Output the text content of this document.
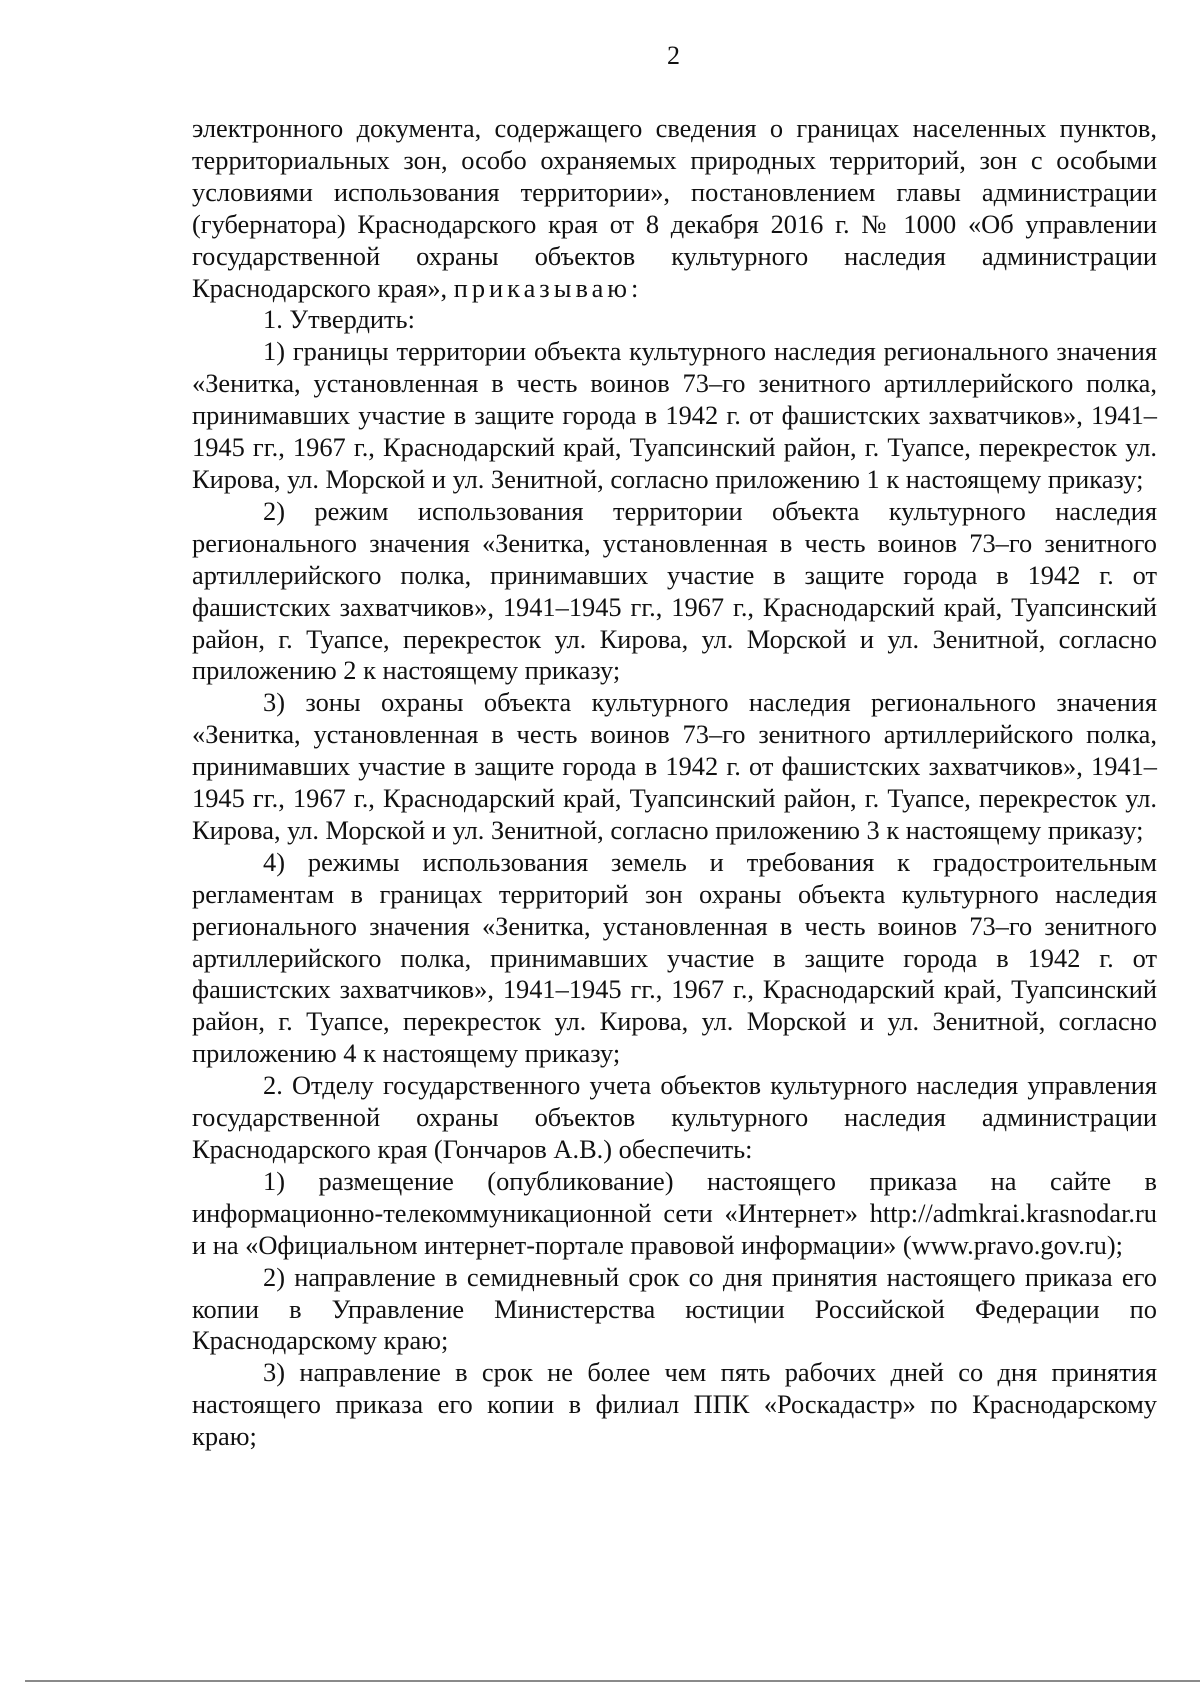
2

электронного документа, содержащего сведения о границах населенных пунктов, территориальных зон, особо охраняемых природных территорий, зон с особыми условиями использования территории», постановлением главы администрации (губернатора) Краснодарского края от 8 декабря 2016 г. № 1000 «Об управлении государственной охраны объектов культурного наследия администрации Краснодарского края», приказываю:

1. Утвердить:

1) границы территории объекта культурного наследия регионального значения «Зенитка, установленная в честь воинов 73–го зенитного артиллерийского полка, принимавших участие в защите города в 1942 г. от фашистских захватчиков», 1941–1945 гг., 1967 г., Краснодарский край, Туапсинский район, г. Туапсе, перекресток ул. Кирова, ул. Морской и ул. Зенитной, согласно приложению 1 к настоящему приказу;

2) режим использования территории объекта культурного наследия регионального значения «Зенитка, установленная в честь воинов 73–го зенитного артиллерийского полка, принимавших участие в защите города в 1942 г. от фашистских захватчиков», 1941–1945 гг., 1967 г., Краснодарский край, Туапсинский район, г. Туапсе, перекресток ул. Кирова, ул. Морской и ул. Зенитной, согласно приложению 2 к настоящему приказу;

3) зоны охраны объекта культурного наследия регионального значения «Зенитка, установленная в честь воинов 73–го зенитного артиллерийского полка, принимавших участие в защите города в 1942 г. от фашистских захватчиков», 1941–1945 гг., 1967 г., Краснодарский край, Туапсинский район, г. Туапсе, перекресток ул. Кирова, ул. Морской и ул. Зенитной, согласно приложению 3 к настоящему приказу;

4) режимы использования земель и требования к градостроительным регламентам в границах территорий зон охраны объекта культурного наследия регионального значения «Зенитка, установленная в честь воинов 73–го зенитного артиллерийского полка, принимавших участие в защите города в 1942 г. от фашистских захватчиков», 1941–1945 гг., 1967 г., Краснодарский край, Туапсинский район, г. Туапсе, перекресток ул. Кирова, ул. Морской и ул. Зенитной, согласно приложению 4 к настоящему приказу;

2. Отделу государственного учета объектов культурного наследия управления государственной охраны объектов культурного наследия администрации Краснодарского края (Гончаров А.В.) обеспечить:

1) размещение (опубликование) настоящего приказа на сайте в информационно-телекоммуникационной сети «Интернет» http://admkrai.krasnodar.ru и на «Официальном интернет-портале правовой информации» (www.pravo.gov.ru);

2) направление в семидневный срок со дня принятия настоящего приказа его копии в Управление Министерства юстиции Российской Федерации по Краснодарскому краю;

3) направление в срок не более чем пять рабочих дней со дня принятия настоящего приказа его копии в филиал ППК «Роскадастр» по Краснодарскому краю;
